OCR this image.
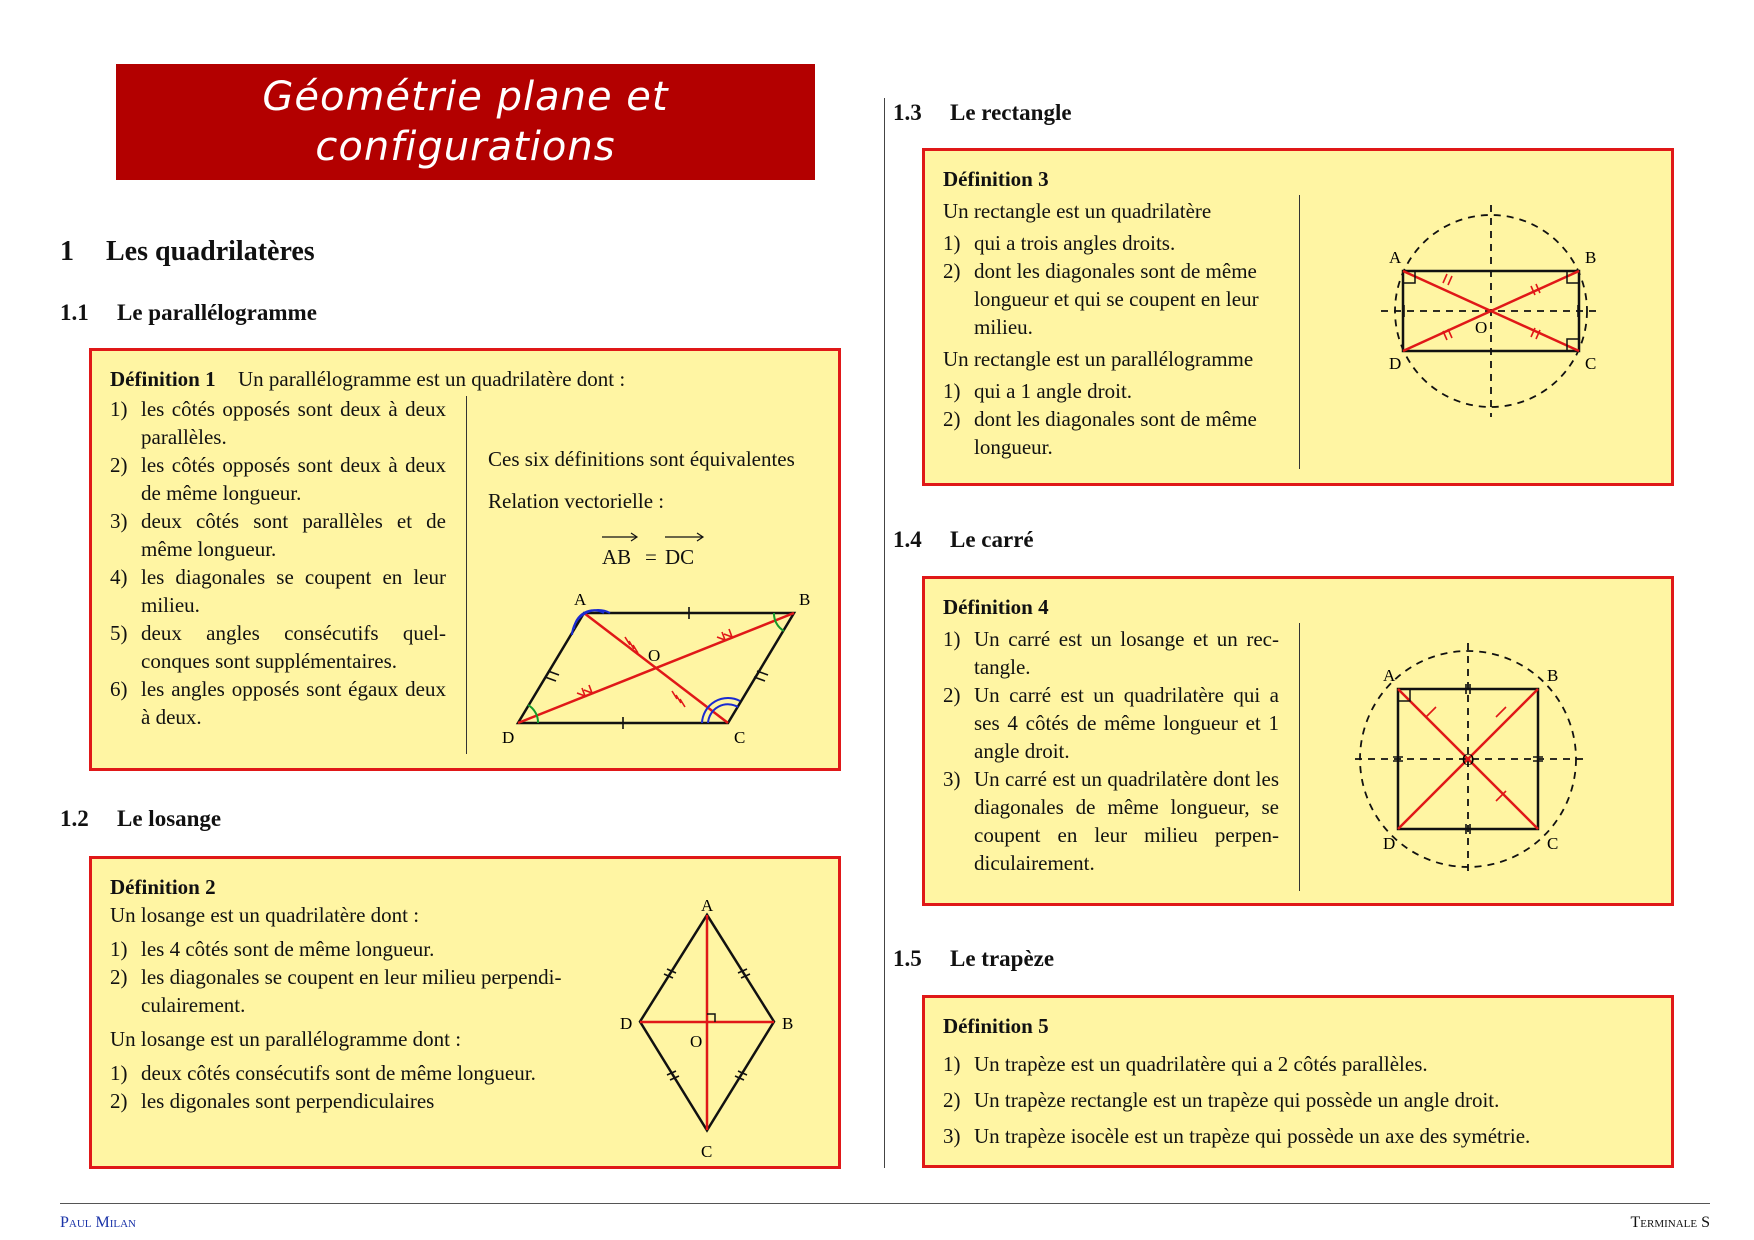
Géométrie plane et
configurations
1 Les quadrilatères
1.1 Le parallélogramme
Définition 1	Un parallélogramme est un quadrilatère dont :
1) les côtés opposés sont deux à deux parallèles.
2) les côtés opposés sont deux à deux de même longueur.
3) deux côtés sont parallèles et de même longueur.
4) les diagonales se coupent en leur milieu.
5) deux angles consécutifs quel-conques sont supplémentaires.
6) les angles opposés sont égaux deux à deux.
Ces six définitions sont équivalentes
Relation vectorielle :
AB = DC
A	B
C
D
O
1.2 Le losange
Définition 2
Un losange est un quadrilatère dont :
1) les 4 côtés sont de même longueur.
2) les diagonales se coupent en leur milieu perpendi-culairement.
Un losange est un parallélogramme dont :
1) deux côtés consécutifs sont de même longueur.
2) les digonales sont perpendiculaires
A
B
C
D
O
1.3 Le rectangle
Définition 3
Un rectangle est un quadrilatère
1) qui a trois angles droits.
2) dont les diagonales sont de même longueur et qui se coupent en leur milieu.
Un rectangle est un parallélogramme
1) qui a 1 angle droit.
2) dont les diagonales sont de même longueur.
A	B
C
D
O
1.4 Le carré
Définition 4
1) Un carré est un losange et un rec-tangle.
2) Un carré est un quadrilatère qui a ses 4 côtés de même longueur et 1 angle droit.
3) Un carré est un quadrilatère dont les diagonales de même longueur, se coupent en leur milieu perpen-diculairement.
A	B
C
D
O
1.5 Le trapèze
Définition 5
1) Un trapèze est un quadrilatère qui a 2 côtés parallèles.
2) Un trapèze rectangle est un trapèze qui possède un angle droit.
3) Un trapèze isocèle est un trapèze qui possède un axe des symétrie.
Paul Milan	Terminale S
